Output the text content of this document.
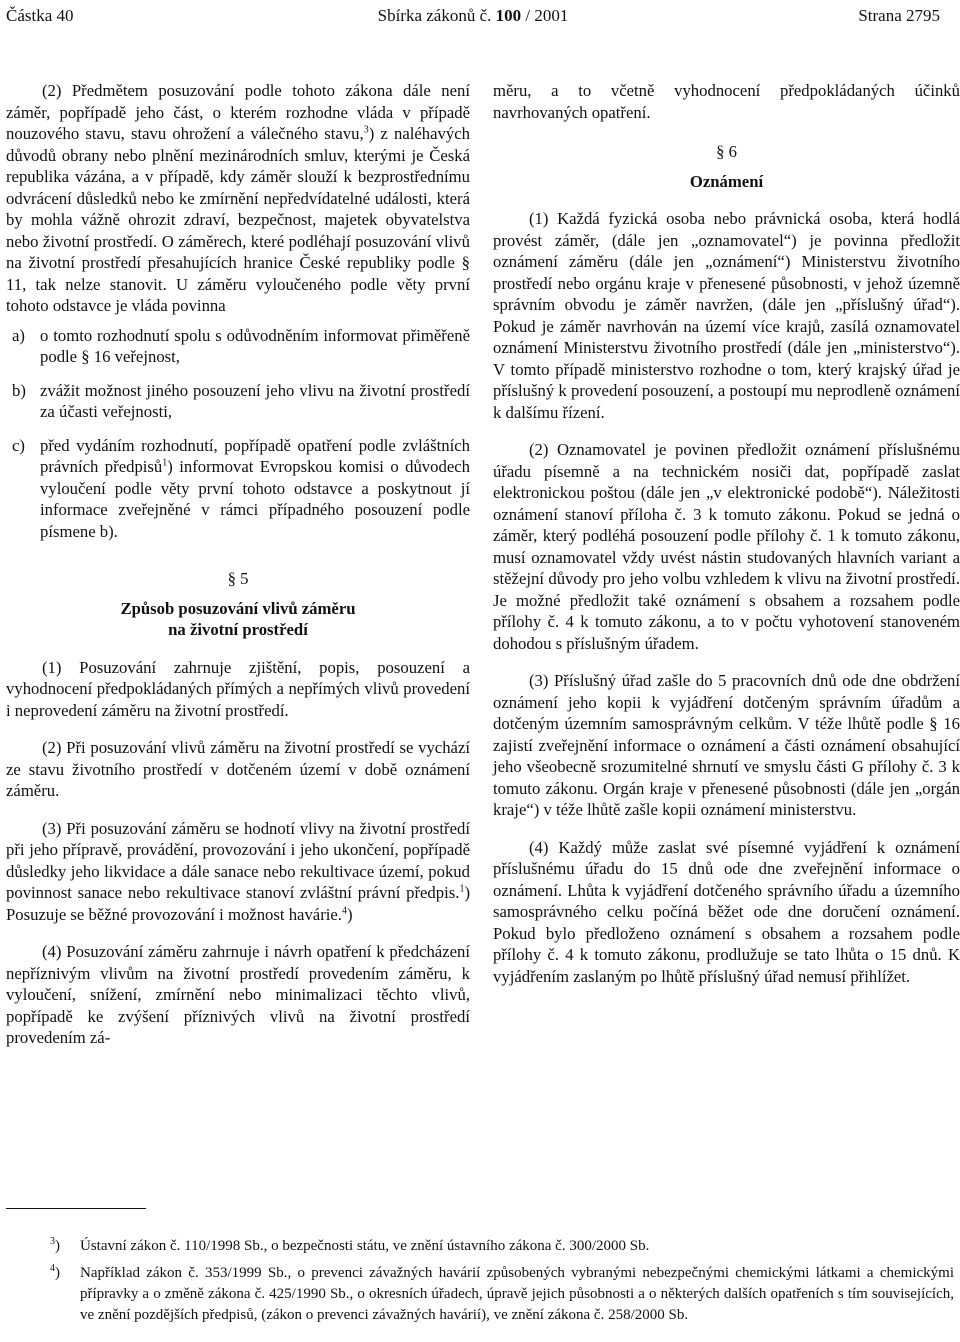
Částka 40	Sbírka zákonů č. 100 / 2001	Strana 2795

(2) Předmětem posuzování podle tohoto zákona dále není záměr, popřípadě jeho část, o kterém rozhodne vláda v případě nouzového stavu, stavu ohrožení a válečného stavu,$^3$) z naléhavých důvodů obrany nebo plnění mezinárodních smluv, kterými je Česká republika vázána, a v případě, kdy záměr slouží k bezprostřednímu odvrácení důsledků nebo ke zmírnění nepředvídatelné události, která by mohla vážně ohrozit zdraví, bezpečnost, majetek obyvatelstva nebo životní prostředí. O záměrech, které podléhají posuzování vlivů na životní prostředí přesahujících hranice České republiky podle § 11, tak nelze stanovit. U záměru vyloučeného podle věty první tohoto odstavce je vláda povinna

a) o tomto rozhodnutí spolu s odůvodněním informovat přiměřeně podle § 16 veřejnost,
b) zvážit možnost jiného posouzení jeho vlivu na životní prostředí za účasti veřejnosti,
c) před vydáním rozhodnutí, popřípadě opatření podle zvláštních právních předpisů$^1$) informovat Evropskou komisi o důvodech vyloučení podle věty první tohoto odstavce a poskytnout jí informace zveřejněné v rámci případného posouzení podle písmene b).
§ 5
Způsob posuzování vlivů záměru
na životní prostředí

(1) Posuzování zahrnuje zjištění, popis, posouzení a vyhodnocení předpokládaných přímých a nepřímých vlivů provedení i neprovedení záměru na životní prostředí.

(2) Při posuzování vlivů záměru na životní prostředí se vychází ze stavu životního prostředí v dotčeném území v době oznámení záměru.

(3) Při posuzování záměru se hodnotí vlivy na životní prostředí při jeho přípravě, provádění, provozování i jeho ukončení, popřípadě důsledky jeho likvidace a dále sanace nebo rekultivace území, pokud povinnost sanace nebo rekultivace stanoví zvláštní právní předpis.$^1$) Posuzuje se běžné provozování i možnost havárie.$^4$)

(4) Posuzování záměru zahrnuje i návrh opatření k předcházení nepříznivým vlivům na životní prostředí provedením záměru, k vyloučení, snížení, zmírnění nebo minimalizaci těchto vlivů, popřípadě ke zvýšení příznivých vlivů na životní prostředí provedením zá-

měru, a to včetně vyhodnocení předpokládaných účinků navrhovaných opatření.

§ 6
Oznámení

(1) Každá fyzická osoba nebo právnická osoba, která hodlá provést záměr, (dále jen „oznamovatel“) je povinna předložit oznámení záměru (dále jen „oznámení“) Ministerstvu životního prostředí nebo orgánu kraje v přenesené působnosti, v jehož územně správním obvodu je záměr navržen, (dále jen „příslušný úřad“). Pokud je záměr navrhován na území více krajů, zasílá oznamovatel oznámení Ministerstvu životního prostředí (dále jen „ministerstvo“). V tomto případě ministerstvo rozhodne o tom, který krajský úřad je příslušný k provedení posouzení, a postoupí mu neprodleně oznámení k dalšímu řízení.

(2) Oznamovatel je povinen předložit oznámení příslušnému úřadu písemně a na technickém nosiči dat, popřípadě zaslat elektronickou poštou (dále jen „v elektronické podobě“). Náležitosti oznámení stanoví příloha č. 3 k tomuto zákonu. Pokud se jedná o záměr, který podléhá posouzení podle přílohy č. 1 k tomuto zákonu, musí oznamovatel vždy uvést nástin studovaných hlavních variant a stěžejní důvody pro jeho volbu vzhledem k vlivu na životní prostředí. Je možné předložit také oznámení s obsahem a rozsahem podle přílohy č. 4 k tomuto zákonu, a to v počtu vyhotovení stanoveném dohodou s příslušným úřadem.

(3) Příslušný úřad zašle do 5 pracovních dnů ode dne obdržení oznámení jeho kopii k vyjádření dotčeným správním úřadům a dotčeným územním samosprávným celkům. V téže lhůtě podle § 16 zajistí zveřejnění informace o oznámení a části oznámení obsahující jeho všeobecně srozumitelné shrnutí ve smyslu části G přílohy č. 3 k tomuto zákonu. Orgán kraje v přenesené působnosti (dále jen „orgán kraje“) v téže lhůtě zašle kopii oznámení ministerstvu.

(4) Každý může zaslat své písemné vyjádření k oznámení příslušnému úřadu do 15 dnů ode dne zveřejnění informace o oznámení. Lhůta k vyjádření dotčeného správního úřadu a územního samosprávného celku počíná běžet ode dne doručení oznámení. Pokud bylo předloženo oznámení s obsahem a rozsahem podle přílohy č. 4 k tomuto zákonu, prodlužuje se tato lhůta o 15 dnů. K vyjádřením zaslaným po lhůtě příslušný úřad nemusí přihlížet.

$^3$)	Ústavní zákon č. 110/1998 Sb., o bezpečnosti státu, ve znění ústavního zákona č. 300/2000 Sb.
$^4$)	Například zákon č. 353/1999 Sb., o prevenci závažných havárií způsobených vybranými nebezpečnými chemickými látkami a chemickými přípravky a o změně zákona č. 425/1990 Sb., o okresních úřadech, úpravě jejich působnosti a o některých dalších opatřeních s tím souvisejících, ve znění pozdějších předpisů, (zákon o prevenci závažných havárií), ve znění zákona č. 258/2000 Sb.
